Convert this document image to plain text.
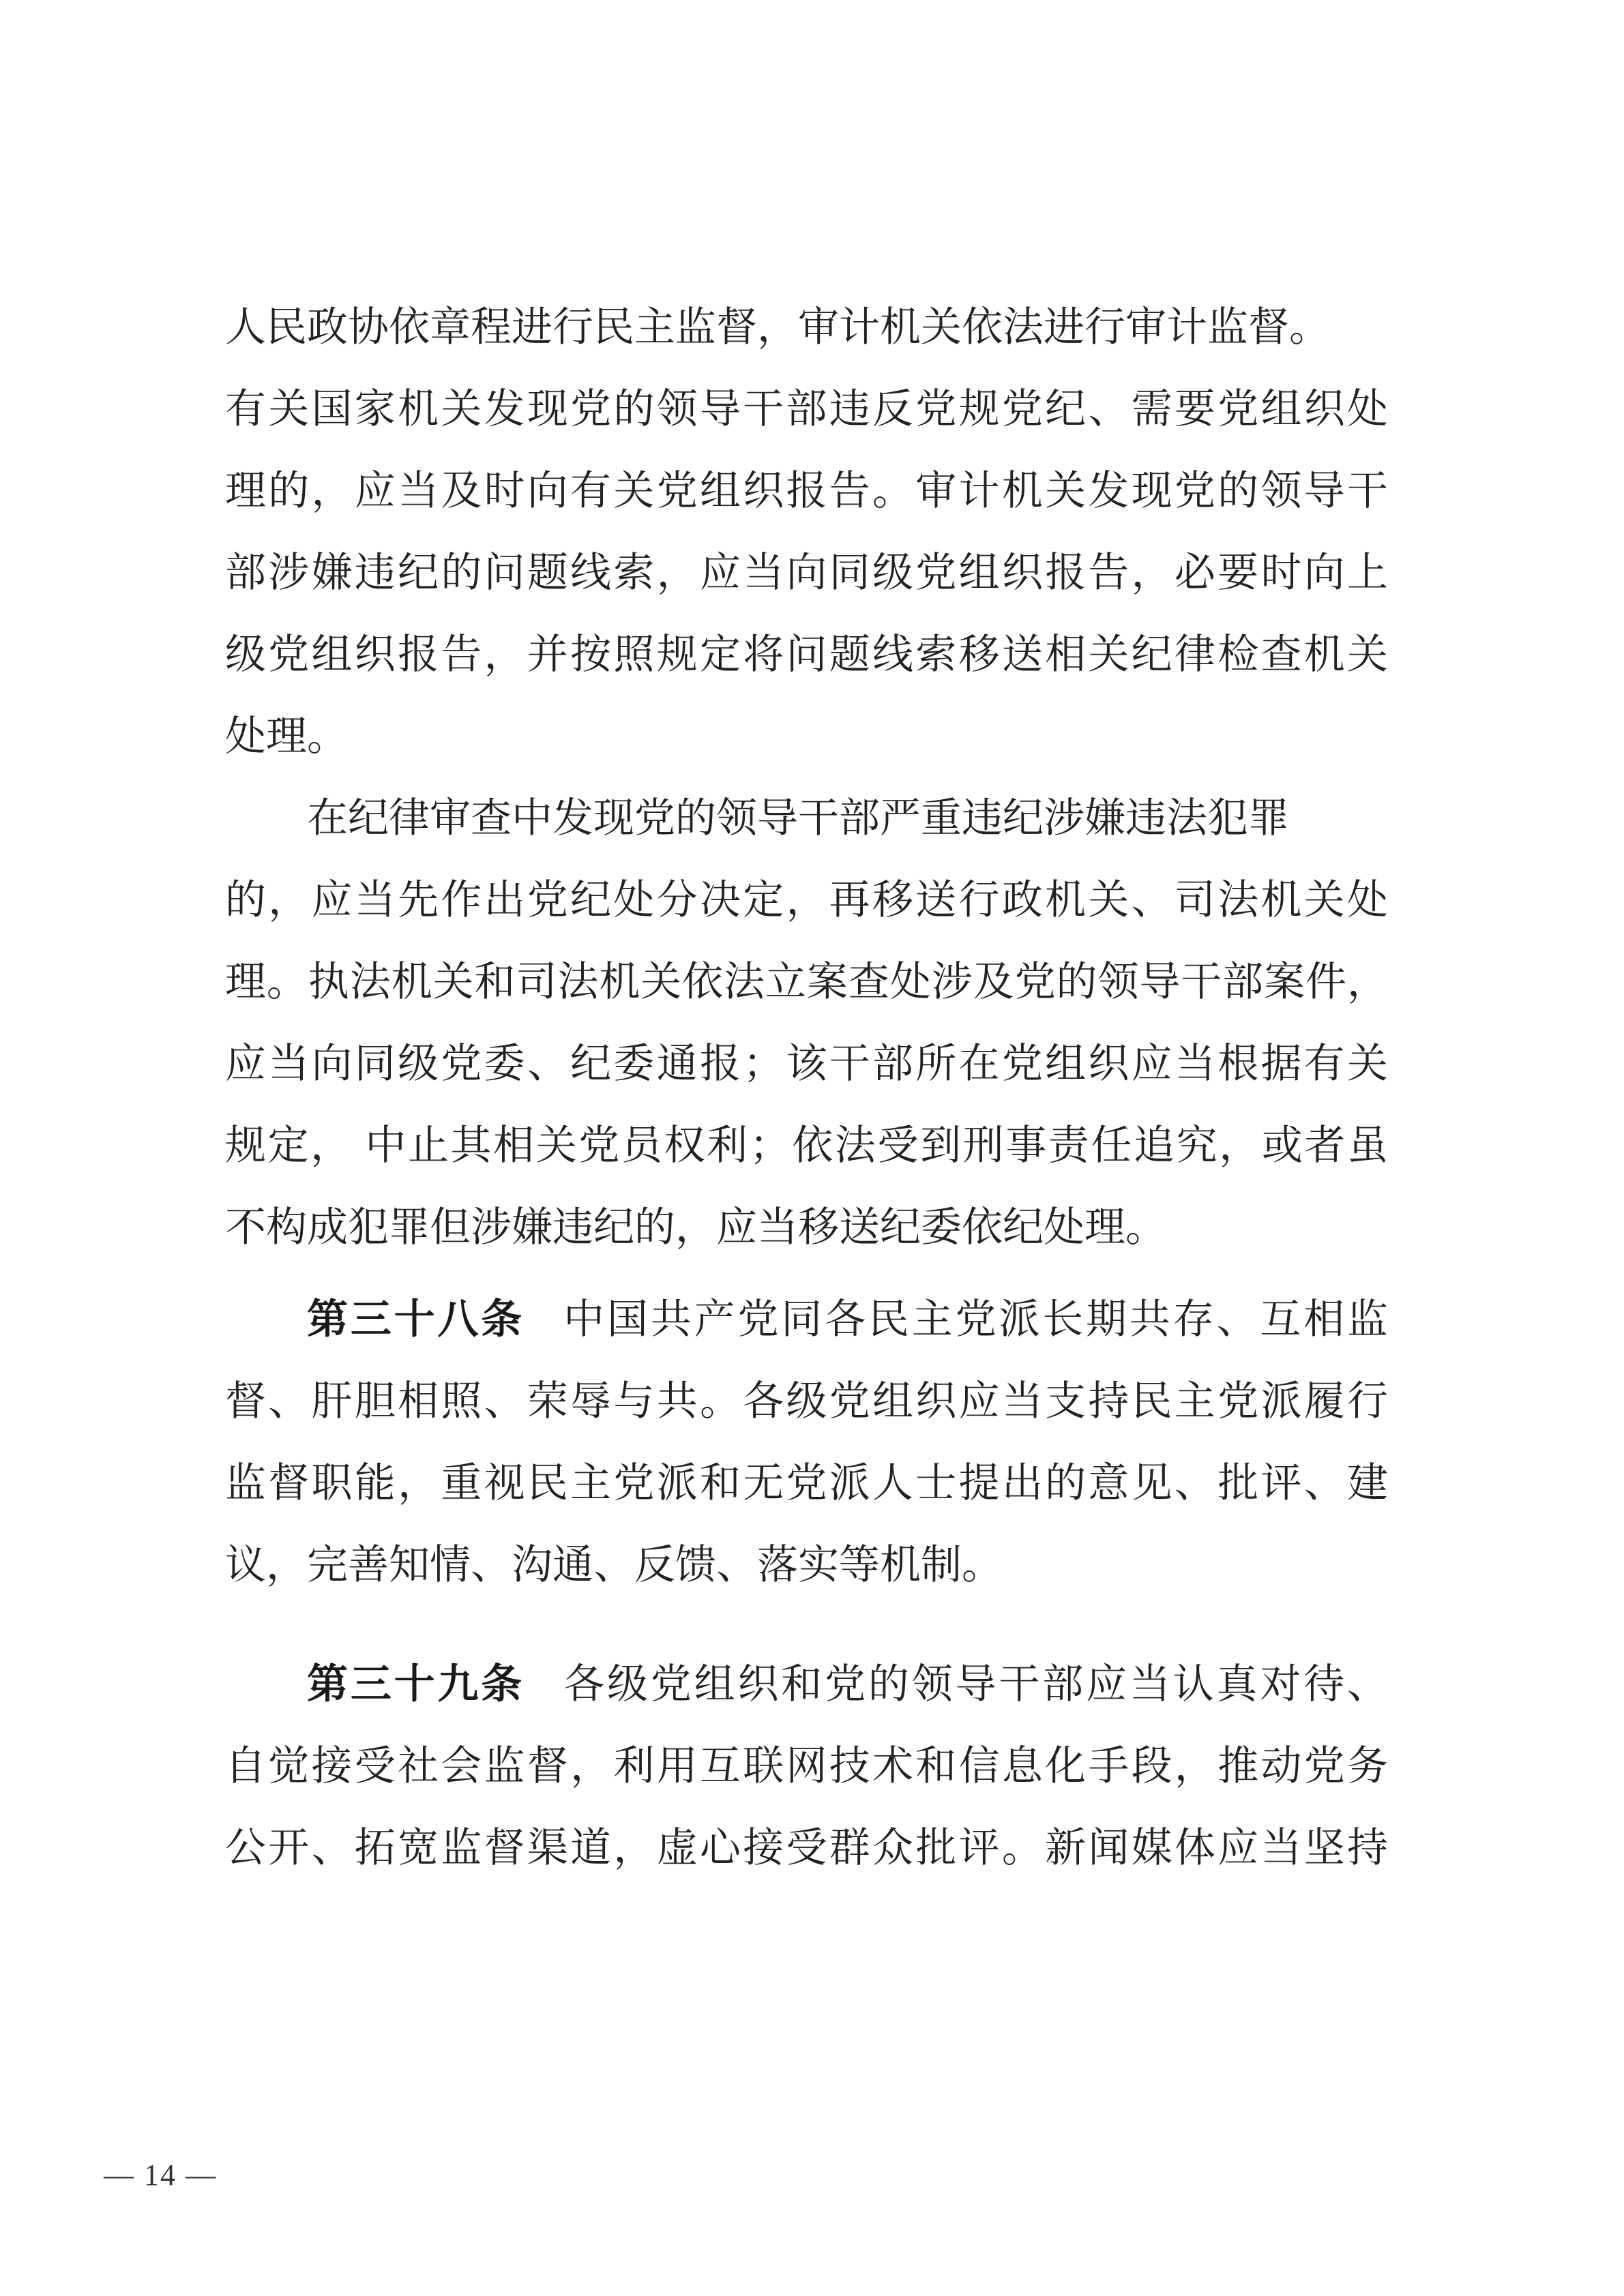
人民政协依章程进行民主监督，审计机关依法进行审计监督。
有关国家机关发现党的领导干部违反党规党纪、需要党组织处
理的，应当及时向有关党组织报告。审计机关发现党的领导干
部涉嫌违纪的问题线索，应当向同级党组织报告，必要时向上
级党组织报告，并按照规定将问题线索移送相关纪律检查机关
处理。
在纪律审查中发现党的领导干部严重违纪涉嫌违法犯罪
的，应当先作出党纪处分决定，再移送行政机关、司法机关处
理。执法机关和司法机关依法立案查处涉及党的领导干部案件，
应当向同级党委、纪委通报；该干部所在党组织应当根据有关
规定， 中止其相关党员权利；依法受到刑事责任追究，或者虽
不构成犯罪但涉嫌违纪的，应当移送纪委依纪处理。
第三十八条 中国共产党同各民主党派长期共存、互相监
督、肝胆相照、荣辱与共。各级党组织应当支持民主党派履行
监督职能，重视民主党派和无党派人士提出的意见、批评、建
议，完善知情、沟通、反馈、落实等机制。
第三十九条 各级党组织和党的领导干部应当认真对待、
自觉接受社会监督，利用互联网技术和信息化手段，推动党务
公开、拓宽监督渠道，虚心接受群众批评。新闻媒体应当坚持
— 14 —
